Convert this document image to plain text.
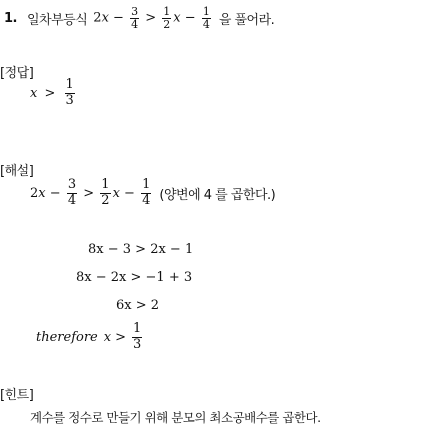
1. 일차부등식 $2x - \frac{3}{4} > \frac{1}{2}$ $x - \frac{1}{4}$ 을 풀어라.
[정답]
$x > \frac{1}{3}$
[해설]
$2x - \frac{3}{4} > \frac{1}{2}$ $x - \frac{1}{4}$ (양변에 4 를 곱한다.)
8x − 3 > 2x − 1
8x − 2x > −1 + 3
6x > 2
therefore $x > \frac{1}{3}$
[힌트]
계수를 정수로 만들기 위해 분모의 최소공배수를 곱한다.
